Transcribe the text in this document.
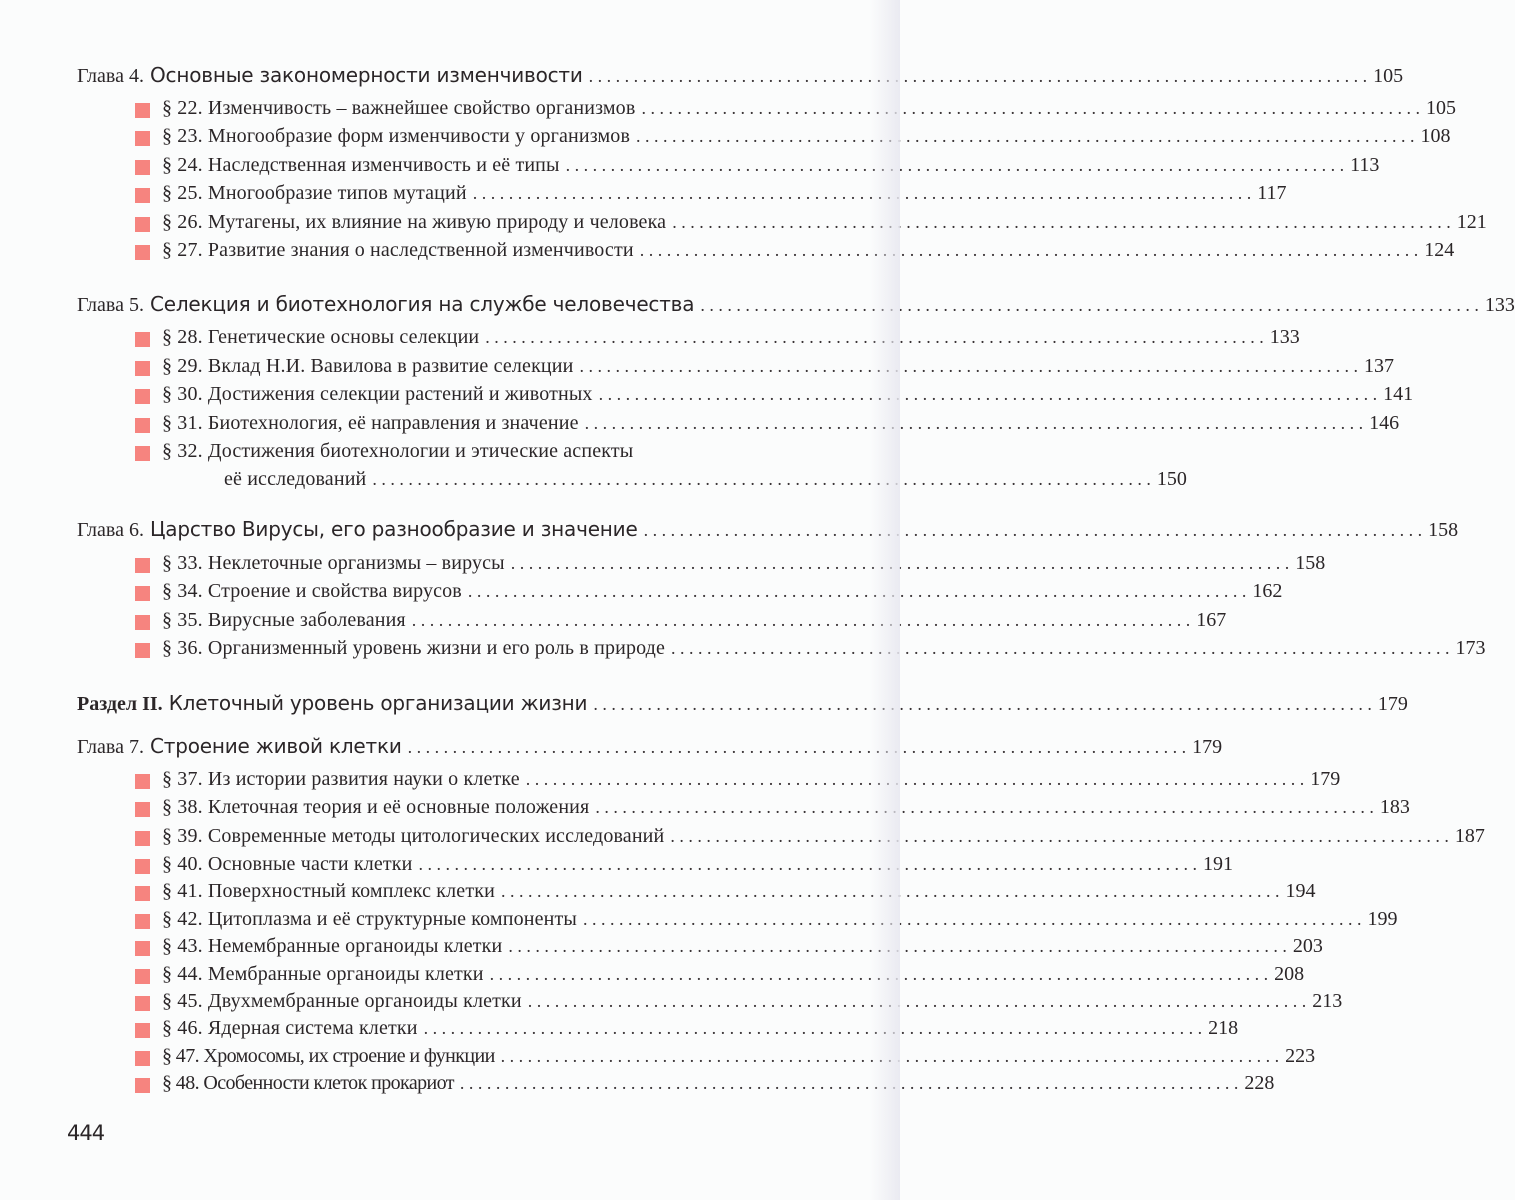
Глава 4. Основные закономерности изменчивости . . .	105
§ 22. Изменчивость – важнейшее свойство организмов . . .	105
§ 23. Многообразие форм изменчивости у организмов . . .	108
§ 24. Наследственная изменчивость и её типы . . .	113
§ 25. Многообразие типов мутаций . . .	117
§ 26. Мутагены, их влияние на живую природу и человека . . .	121
§ 27. Развитие знания о наследственной изменчивости . . .	124
Глава 5. Селекция и биотехнология на службе человечества . . .	133
§ 28. Генетические основы селекции . . .	133
§ 29. Вклад Н.И. Вавилова в развитие селекции . . .	137
§ 30. Достижения селекции растений и животных . . .	141
§ 31. Биотехнология, её направления и значение . . .	146
§ 32. Достижения биотехнологии и этические аспекты
её исследований . . .	150
Глава 6. Царство Вирусы, его разнообразие и значение . . .	158
§ 33. Неклеточные организмы – вирусы . . .	158
§ 34. Строение и свойства вирусов . . .	162
§ 35. Вирусные заболевания . . .	167
§ 36. Организменный уровень жизни и его роль в природе . . .	173
Раздел II. Клеточный уровень организации жизни . . .	179
Глава 7. Строение живой клетки . . .	179
§ 37. Из истории развития науки о клетке . . .	179
§ 38. Клеточная теория и её основные положения . . .	183
§ 39. Современные методы цитологических исследований . . .	187
§ 40. Основные части клетки . . .	191
§ 41. Поверхностный комплекс клетки . . .	194
§ 42. Цитоплазма и её структурные компоненты . . .	199
§ 43. Немембранные органоиды клетки . . .	203
§ 44. Мембранные органоиды клетки . . .	208
§ 45. Двухмембранные органоиды клетки . . .	213
§ 46. Ядерная система клетки . . .	218
§ 47. Хромосомы, их строение и функции . . .	223
§ 48. Особенности клеток прокариот . . .	228
444
